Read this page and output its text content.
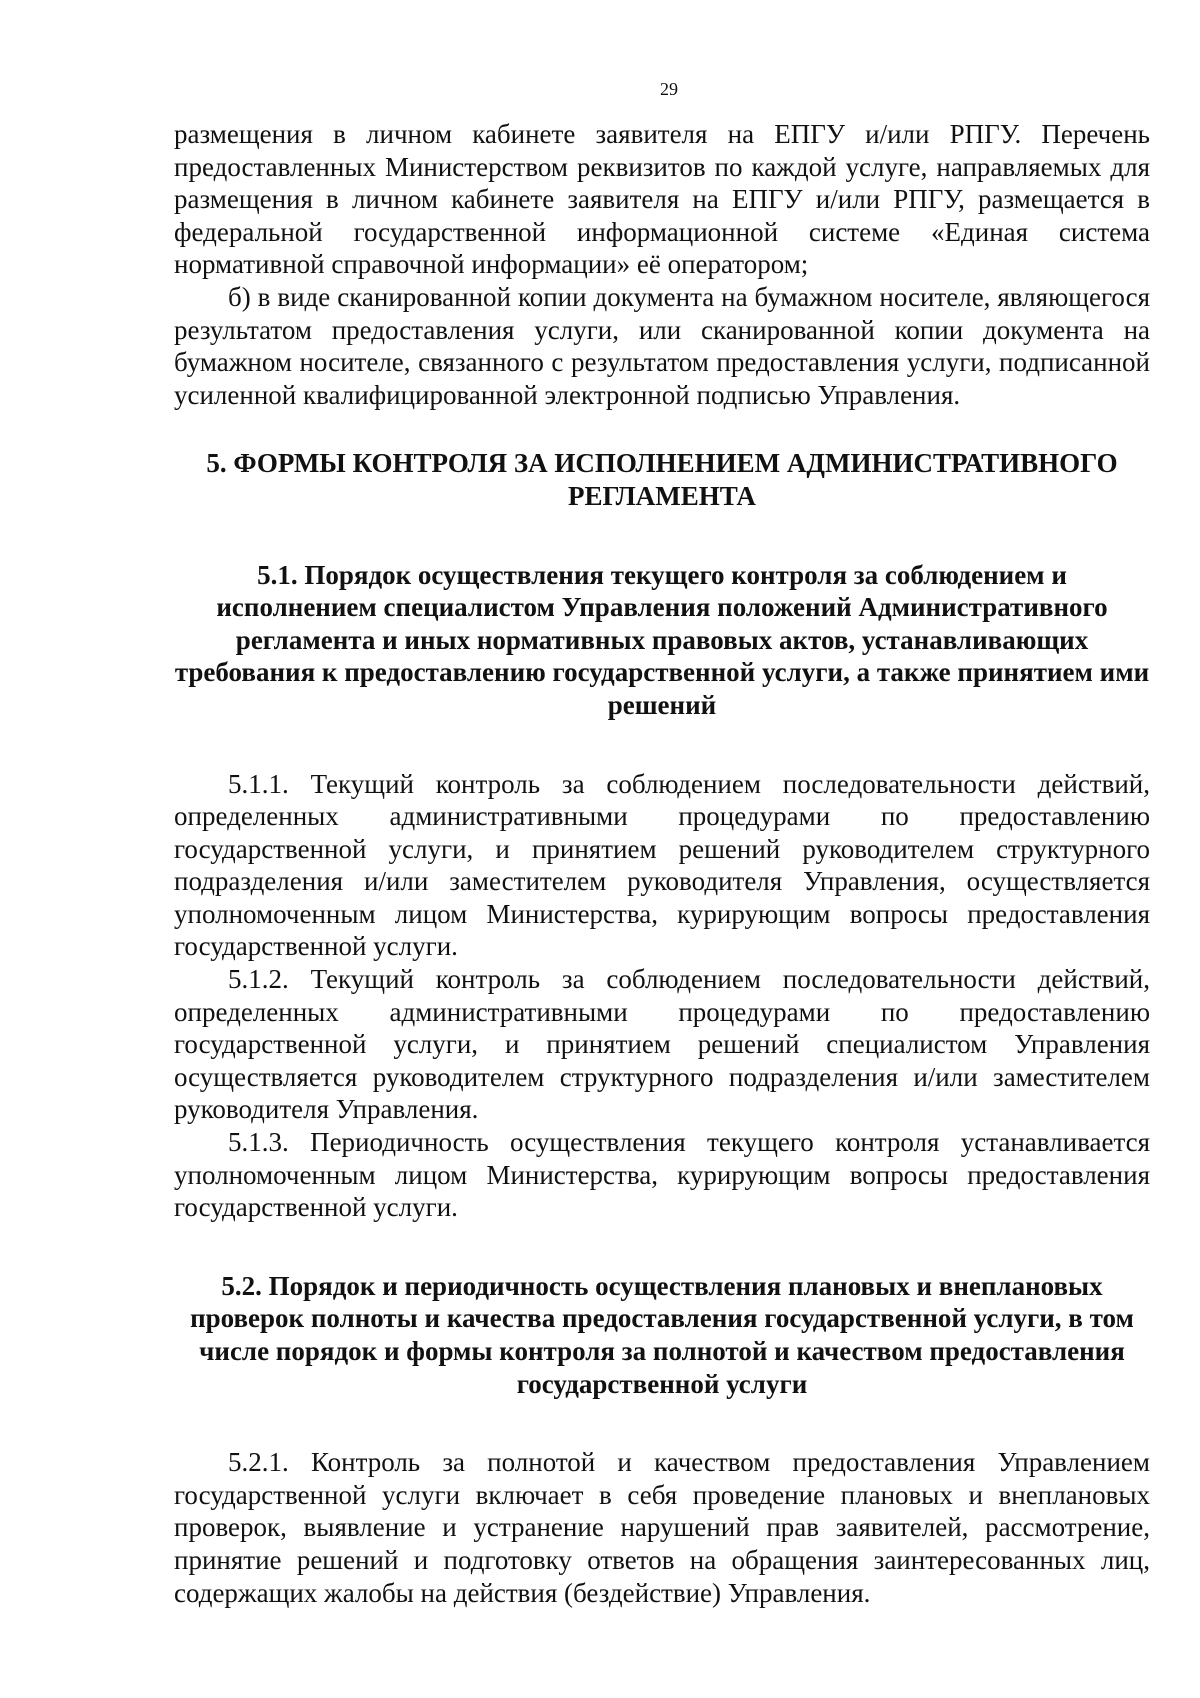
29

размещения в личном кабинете заявителя на ЕПГУ и/или РПГУ. Перечень предоставленных Министерством реквизитов по каждой услуге, направляемых для размещения в личном кабинете заявителя на ЕПГУ и/или РПГУ, размещается в федеральной государственной информационной системе «Единая система нормативной справочной информации» её оператором;

б) в виде сканированной копии документа на бумажном носителе, являющегося результатом предоставления услуги, или сканированной копии документа на бумажном носителе, связанного с результатом предоставления услуги, подписанной усиленной квалифицированной электронной подписью Управления.

5. ФОРМЫ КОНТРОЛЯ ЗА ИСПОЛНЕНИЕМ АДМИНИСТРАТИВНОГО
РЕГЛАМЕНТА
5.1. Порядок осуществления текущего контроля за соблюдением и исполнением специалистом Управления положений Административного регламента и иных нормативных правовых актов, устанавливающих требования к предоставлению государственной услуги, а также принятием ими решений

5.1.1. Текущий контроль за соблюдением последовательности действий, определенных административными процедурами по предоставлению государственной услуги, и принятием решений руководителем структурного подразделения и/или заместителем руководителя Управления, осуществляется уполномоченным лицом Министерства, курирующим вопросы предоставления государственной услуги.

5.1.2. Текущий контроль за соблюдением последовательности действий, определенных административными процедурами по предоставлению государственной услуги, и принятием решений специалистом Управления осуществляется руководителем структурного подразделения и/или заместителем руководителя Управления.

5.1.3. Периодичность осуществления текущего контроля устанавливается уполномоченным лицом Министерства, курирующим вопросы предоставления государственной услуги.

5.2. Порядок и периодичность осуществления плановых и внеплановых проверок полноты и качества предоставления государственной услуги, в том числе порядок и формы контроля за полнотой и качеством предоставления государственной услуги

5.2.1. Контроль за полнотой и качеством предоставления Управлением государственной услуги включает в себя проведение плановых и внеплановых проверок, выявление и устранение нарушений прав заявителей, рассмотрение, принятие решений и подготовку ответов на обращения заинтересованных лиц, содержащих жалобы на действия (бездействие) Управления.
